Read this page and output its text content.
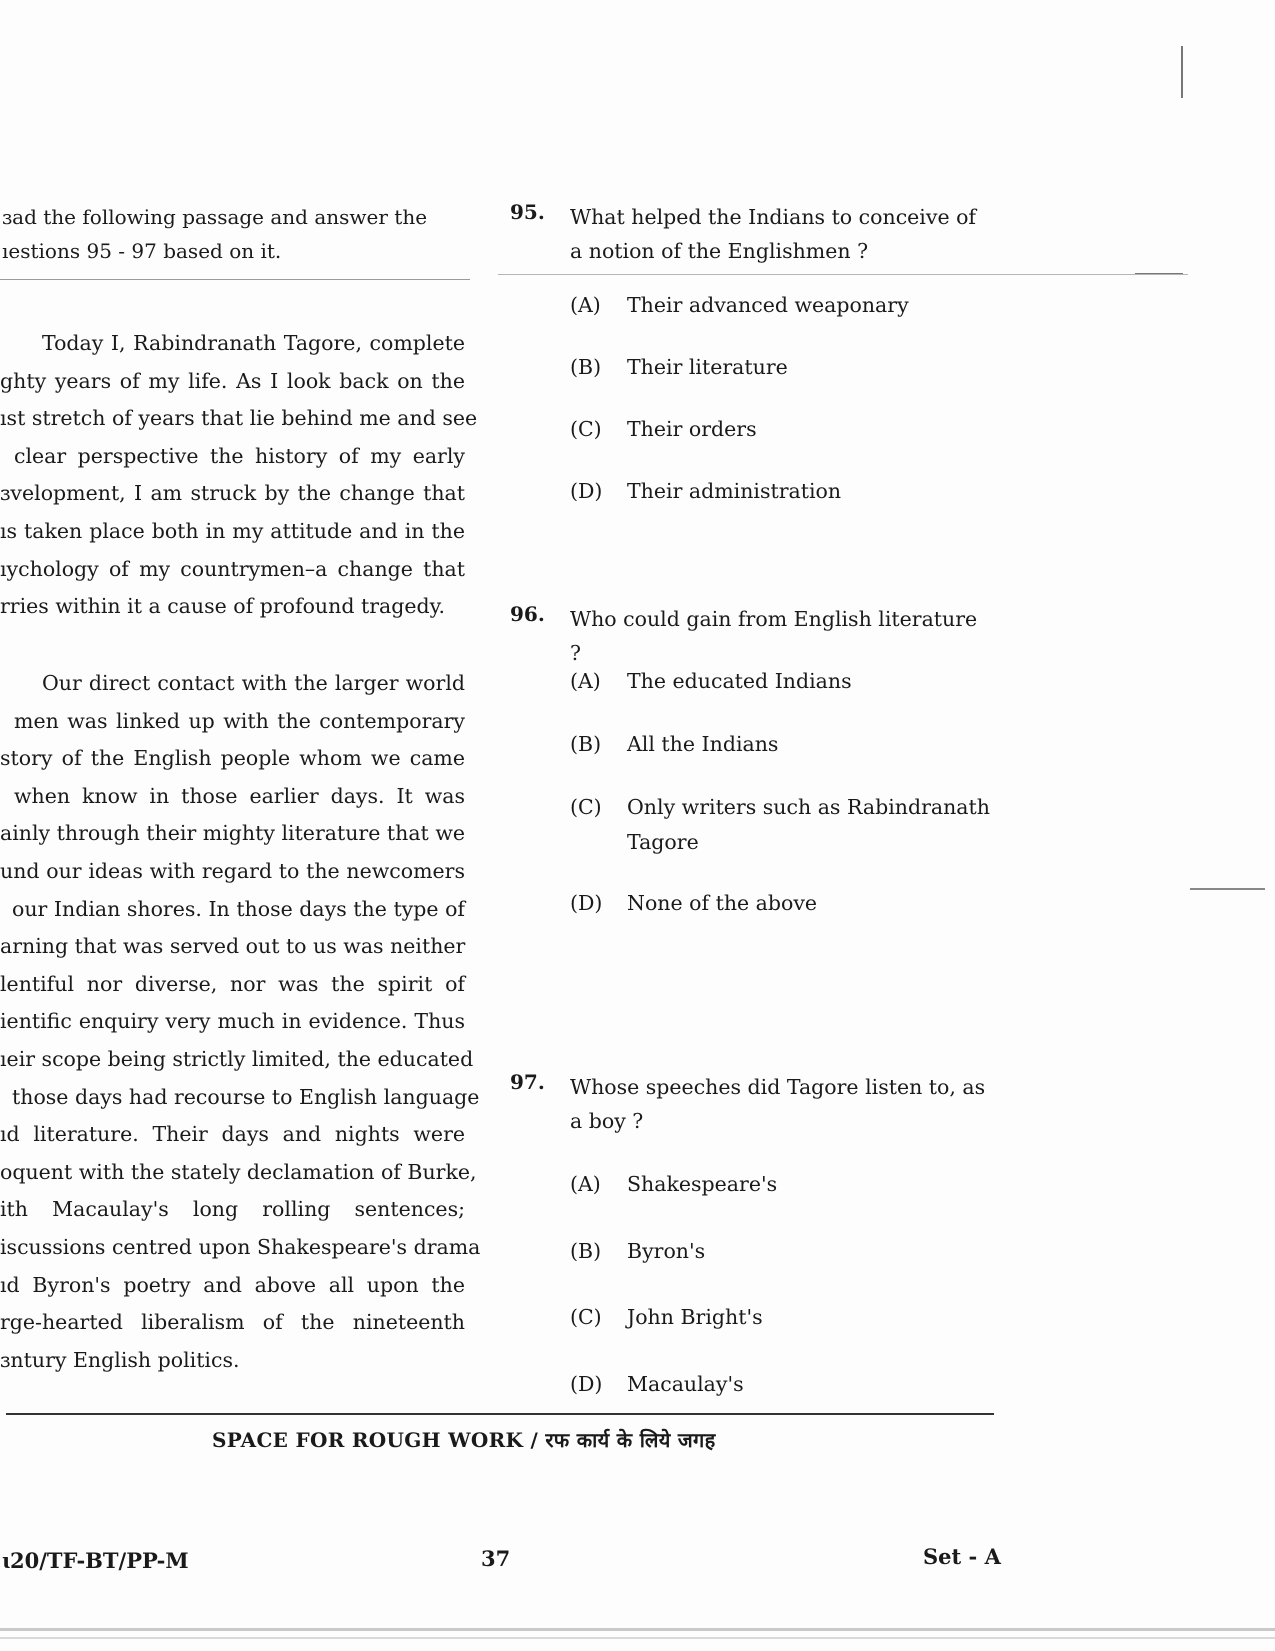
ɜad the following passage and answer the
ıestions 95 - 97 based on it.
Today I, Rabindranath Tagore, complete
ghty years of my life. As I look back on the
ıst stretch of years that lie behind me and see
clear perspective the history of my early
ɜvelopment, I am struck by the change that
ıs taken place both in my attitude and in the
ıychology of my countrymen–a change that
rries within it a cause of profound tragedy.
Our direct contact with the larger world
men was linked up with the contemporary
story of the English people whom we came
when know in those earlier days. It was
ainly through their mighty literature that we
und our ideas with regard to the newcomers
our Indian shores. In those days the type of
arning that was served out to us was neither
lentiful nor diverse, nor was the spirit of
ientific enquiry very much in evidence. Thus
ıeir scope being strictly limited, the educated
those days had recourse to English language
ıd literature. Their days and nights were
oquent with the stately declamation of Burke,
ith Macaulay's long rolling sentences;
iscussions centred upon Shakespeare's drama
ıd Byron's poetry and above all upon the
rge-hearted liberalism of the nineteenth
ɜntury English politics.
95. What helped the Indians to conceive of a notion of the Englishmen ?

(A)	Their advanced weaponary
(B)	Their literature
(C)	Their orders
(D)	Their administration
96. Who could gain from English literature ?

(A)	The educated Indians
(B)	All the Indians
(C)	Only writers such as Rabindranath Tagore
(D)	None of the above
97. Whose speeches did Tagore listen to, as a boy ?

(A)	Shakespeare's
(B)	Byron's
(C)	John Bright's
(D)	Macaulay's
SPACE FOR ROUGH WORK / रफ कार्य के लिये जगह
ɩ20/TF-BT/PP-M	37	Set - A
